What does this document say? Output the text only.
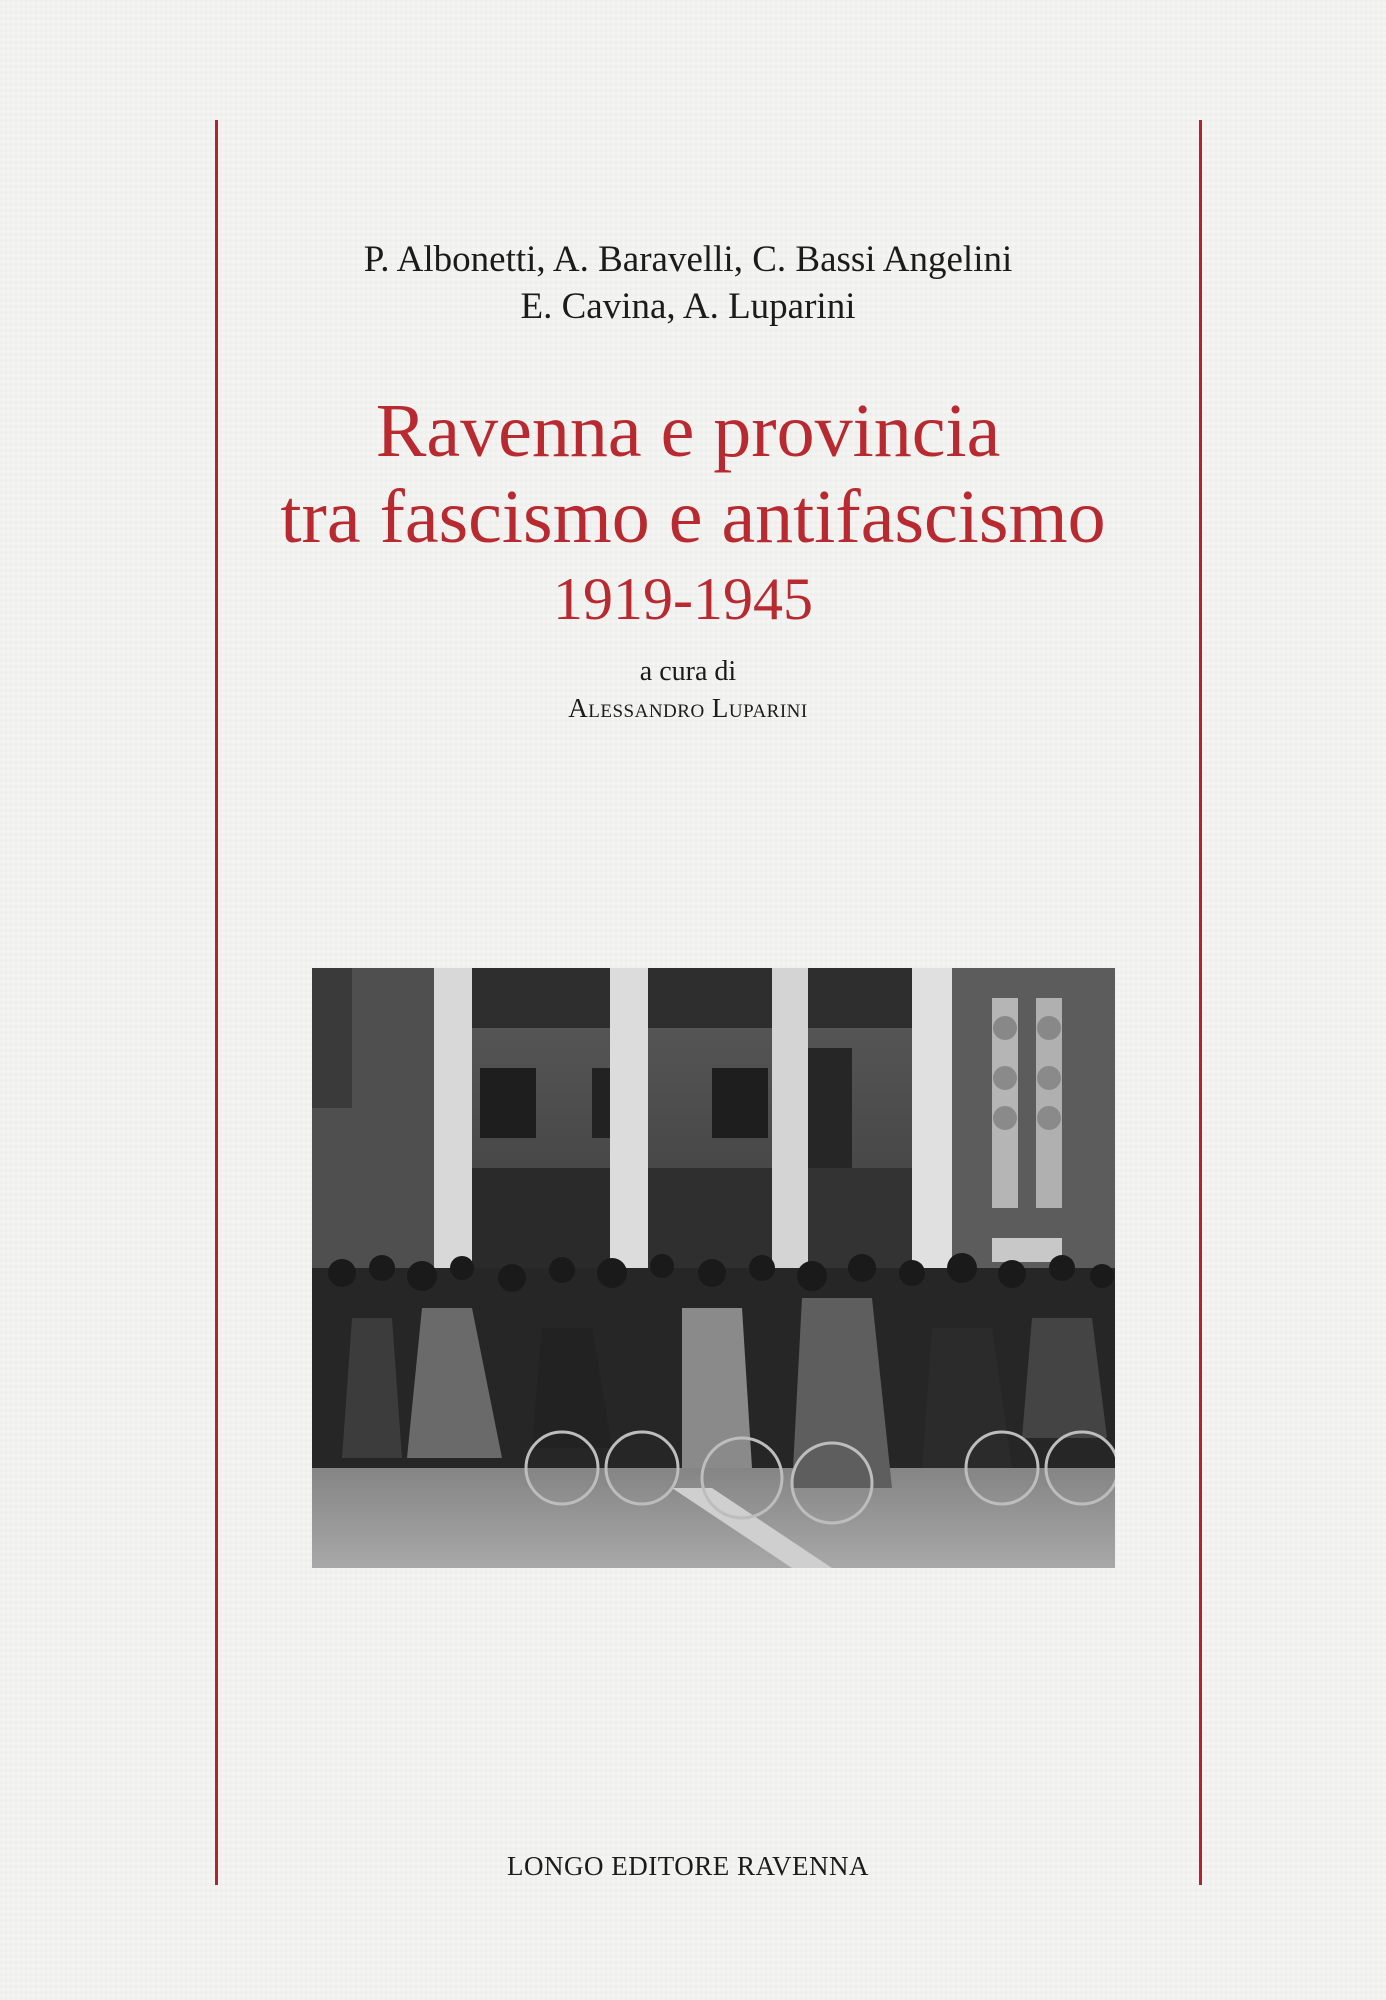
P. Albonetti, A. Baravelli, C. Bassi Angelini
E. Cavina, A. Luparini
Ravenna e provincia
tra fascismo e antifascismo
1919-1945
a cura di
Alessandro Luparini
LONGO EDITORE RAVENNA
